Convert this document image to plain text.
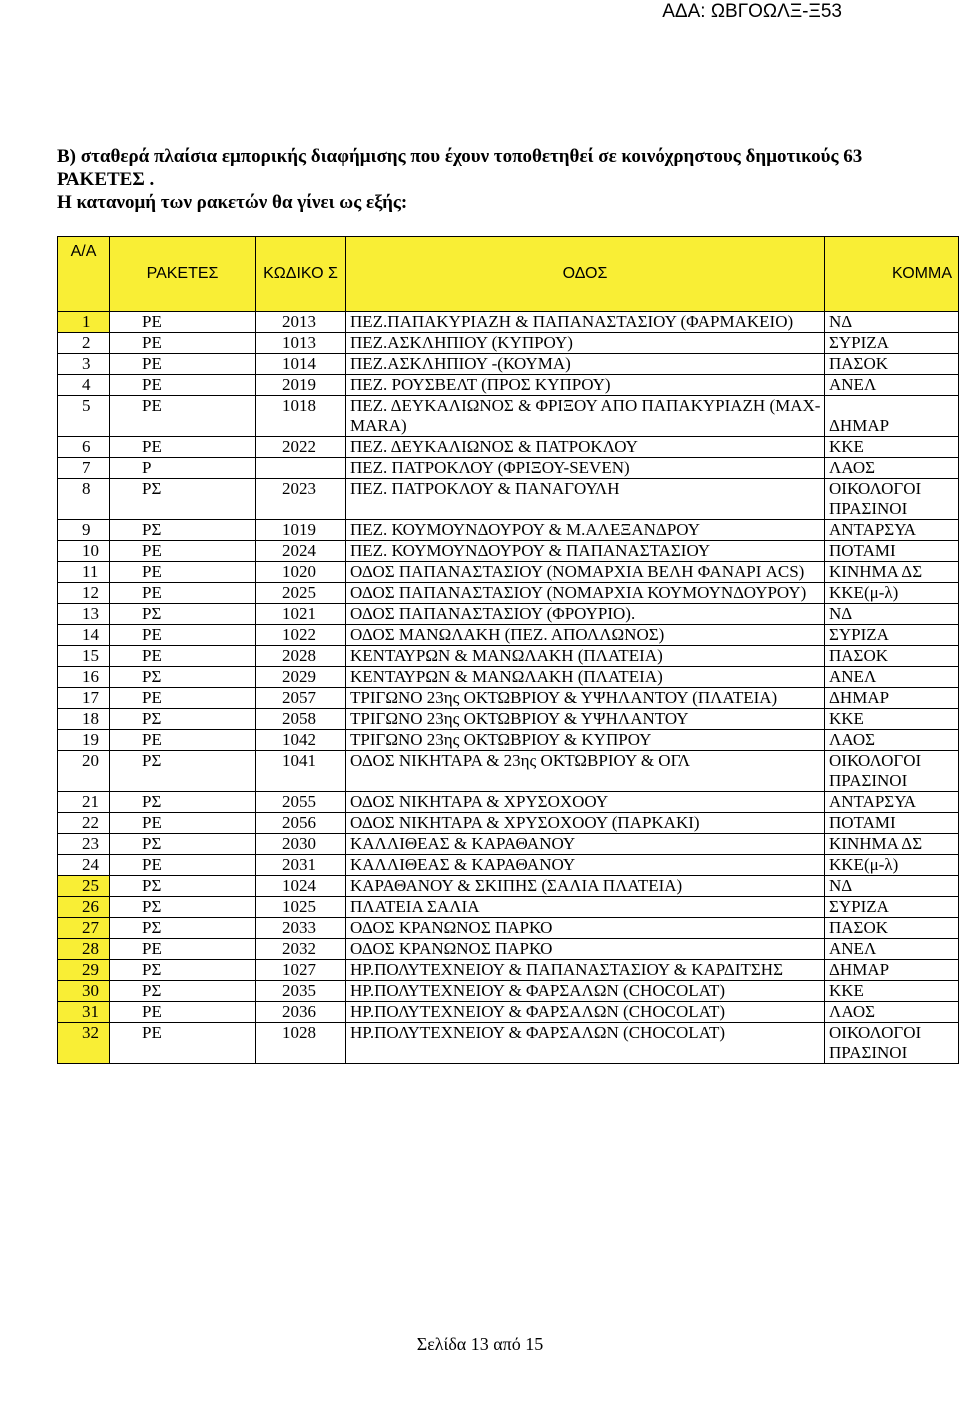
ΑΔΑ: ΩΒΓΟΩΛΞ-Ξ53
B) σταθερά πλαίσια εμπορικής διαφήμισης που έχουν τοποθετηθεί σε κοινόχρηστους δημοτικούς 63
ΡΑΚΕΤΕΣ .
Η κατανομή των ρακετών θα γίνει ως εξής:
Α/Α	ΡΑΚΕΤΕΣ	ΚΩΔΙΚΟ Σ	ΟΔΟΣ	ΚΟΜΜΑ
1	ΡΕ	2013	ΠΕΖ.ΠΑΠΑΚΥΡΙΑΖΗ & ΠΑΠΑΝΑΣΤΑΣΙΟΥ (ΦΑΡΜΑΚΕΙΟ)	ΝΔ
2	ΡΕ	1013	ΠΕΖ.ΑΣΚΛΗΠΙΟΥ (ΚΥΠΡΟΥ)	ΣΥΡΙΖΑ
3	ΡΕ	1014	ΠΕΖ.ΑΣΚΛΗΠΙΟΥ -(ΚΟΥΜΑ)	ΠΑΣΟΚ
4	ΡΕ	2019	ΠΕΖ. ΡΟΥΣΒΕΛΤ (ΠΡΟΣ ΚΥΠΡΟΥ)	ΑΝΕΛ
5	ΡΕ	1018	ΠΕΖ. ΔΕΥΚΑΛΙΩΝΟΣ & ΦΡΙΞΟΥ ΑΠΟ ΠΑΠΑΚΥΡΙΑΖΗ (MAX-MARA)	ΔΗΜΑΡ
6	ΡΕ	2022	ΠΕΖ. ΔΕΥΚΑΛΙΩΝΟΣ & ΠΑΤΡΟΚΛΟΥ	ΚΚΕ
7	Ρ		ΠΕΖ. ΠΑΤΡΟΚΛΟΥ (ΦΡΙΞΟΥ-SEVEN)	ΛΑΟΣ
8	ΡΣ	2023	ΠΕΖ. ΠΑΤΡΟΚΛΟΥ & ΠΑΝΑΓΟΥΛΗ	ΟΙΚΟΛΟΓΟΙ ΠΡΑΣΙΝΟΙ
9	ΡΣ	1019	ΠΕΖ. ΚΟΥΜΟΥΝΔΟΥΡΟΥ & Μ.ΑΛΕΞΑΝΔΡΟΥ	ΑΝΤΑΡΣΥΑ
10	ΡΕ	2024	ΠΕΖ. ΚΟΥΜΟΥΝΔΟΥΡΟΥ & ΠΑΠΑΝΑΣΤΑΣΙΟΥ	ΠΟΤΑΜΙ
11	ΡΕ	1020	ΟΔΟΣ ΠΑΠΑΝΑΣΤΑΣΙΟΥ (ΝΟΜΑΡΧΙΑ ΒΕΛΗ ΦΑΝΑΡΙ ACS)	ΚΙΝΗΜΑ ΔΣ
12	ΡΕ	2025	ΟΔΟΣ ΠΑΠΑΝΑΣΤΑΣΙΟΥ (ΝΟΜΑΡΧΙΑ ΚΟΥΜΟΥΝΔΟΥΡΟΥ)	ΚΚΕ(μ-λ)
13	ΡΣ	1021	ΟΔΟΣ ΠΑΠΑΝΑΣΤΑΣΙΟΥ (ΦΡΟΥΡΙΟ).	ΝΔ
14	ΡΕ	1022	ΟΔΟΣ ΜΑΝΩΛΑΚΗ (ΠΕΖ. ΑΠΟΛΛΩΝΟΣ)	ΣΥΡΙΖΑ
15	ΡΕ	2028	ΚΕΝΤΑΥΡΩΝ & ΜΑΝΩΛΑΚΗ (ΠΛΑΤΕΙΑ)	ΠΑΣΟΚ
16	ΡΣ	2029	ΚΕΝΤΑΥΡΩΝ & ΜΑΝΩΛΑΚΗ (ΠΛΑΤΕΙΑ)	ΑΝΕΛ
17	ΡΕ	2057	ΤΡΙΓΩΝΟ 23ης ΟΚΤΩΒΡΙΟΥ & ΥΨΗΛΑΝΤΟΥ (ΠΛΑΤΕΙΑ)	ΔΗΜΑΡ
18	ΡΣ	2058	ΤΡΙΓΩΝΟ 23ης ΟΚΤΩΒΡΙΟΥ & ΥΨΗΛΑΝΤΟΥ	ΚΚΕ
19	ΡΕ	1042	ΤΡΙΓΩΝΟ 23ης ΟΚΤΩΒΡΙΟΥ & ΚΥΠΡΟΥ	ΛΑΟΣ
20	ΡΣ	1041	ΟΔΟΣ ΝΙΚΗΤΑΡΑ & 23ης ΟΚΤΩΒΡΙΟΥ & ΟΓΛ	ΟΙΚΟΛΟΓΟΙ ΠΡΑΣΙΝΟΙ
21	ΡΣ	2055	ΟΔΟΣ ΝΙΚΗΤΑΡΑ & ΧΡΥΣΟΧΟΟΥ	ΑΝΤΑΡΣΥΑ
22	ΡΕ	2056	ΟΔΟΣ ΝΙΚΗΤΑΡΑ & ΧΡΥΣΟΧΟΟΥ (ΠΑΡΚΑΚΙ)	ΠΟΤΑΜΙ
23	ΡΣ	2030	ΚΑΛΛΙΘΕΑΣ & ΚΑΡΑΘΑΝΟΥ	ΚΙΝΗΜΑ ΔΣ
24	ΡΕ	2031	ΚΑΛΛΙΘΕΑΣ & ΚΑΡΑΘΑΝΟΥ	ΚΚΕ(μ-λ)
25	ΡΣ	1024	ΚΑΡΑΘΑΝΟΥ & ΣΚΙΠΗΣ (ΣΑΛΙΑ ΠΛΑΤΕΙΑ)	ΝΔ
26	ΡΣ	1025	ΠΛΑΤΕΙΑ ΣΑΛΙΑ	ΣΥΡΙΖΑ
27	ΡΣ	2033	ΟΔΟΣ ΚΡΑΝΩΝΟΣ ΠΑΡΚΟ	ΠΑΣΟΚ
28	ΡΕ	2032	ΟΔΟΣ ΚΡΑΝΩΝΟΣ ΠΑΡΚΟ	ΑΝΕΛ
29	ΡΣ	1027	ΗΡ.ΠΟΛΥΤΕΧΝΕΙΟΥ & ΠΑΠΑΝΑΣΤΑΣΙΟΥ & ΚΑΡΔΙΤΣΗΣ	ΔΗΜΑΡ
30	ΡΣ	2035	ΗΡ.ΠΟΛΥΤΕΧΝΕΙΟΥ & ΦΑΡΣΑΛΩΝ (CHOCOLAT)	ΚΚΕ
31	ΡΕ	2036	ΗΡ.ΠΟΛΥΤΕΧΝΕΙΟΥ & ΦΑΡΣΑΛΩΝ (CHOCOLAT)	ΛΑΟΣ
32	ΡΕ	1028	ΗΡ.ΠΟΛΥΤΕΧΝΕΙΟΥ & ΦΑΡΣΑΛΩΝ (CHOCOLAT)	ΟΙΚΟΛΟΓΟΙ ΠΡΑΣΙΝΟΙ
Σελίδα 13 από 15
